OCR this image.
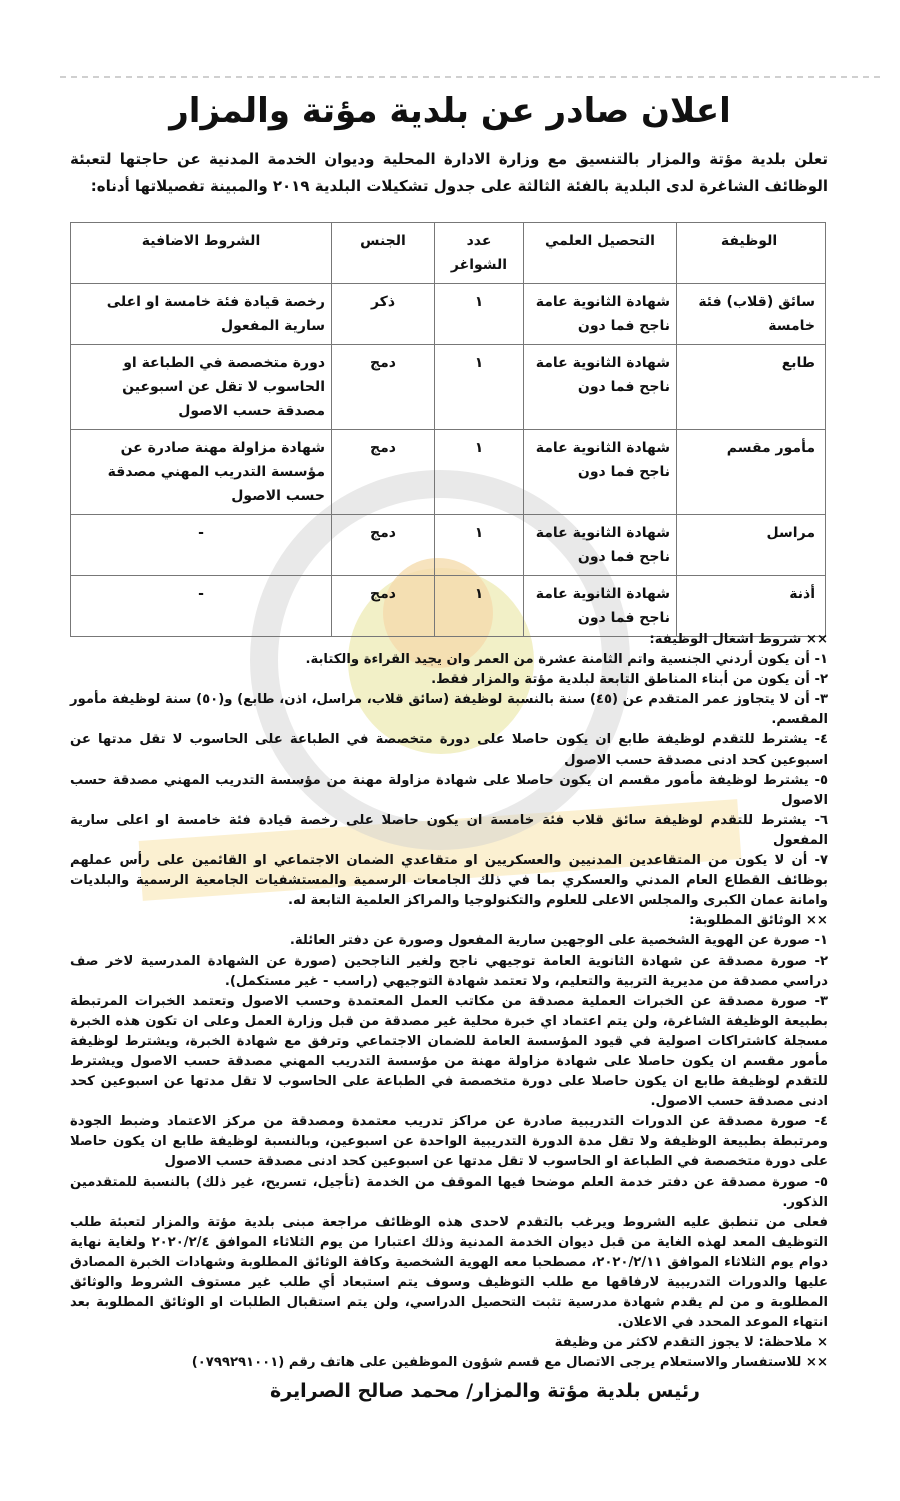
اعلان صادر عن بلدية مؤتة والمزار
تعلن بلدية مؤتة والمزار بالتنسيق مع وزارة الادارة المحلية وديوان الخدمة المدنية عن حاجتها لتعبئة الوظائف الشاغرة لدى البلدية بالفئة الثالثة على جدول تشكيلات البلدية ٢٠١٩ والمبينة تفصيلاتها أدناه:
الوظيفة	التحصيل العلمي	عدد الشواغر	الجنس	الشروط الاضافية
سائق (قلاب) فئة خامسة	شهادة الثانوية عامة ناجح فما دون	١	ذكر	رخصة قيادة فئة خامسة او اعلى سارية المفعول
طابع	شهادة الثانوية عامة ناجح فما دون	١	دمج	دورة متخصصة في الطباعة او الحاسوب لا تقل عن اسبوعين مصدقة حسب الاصول
مأمور مقسم	شهادة الثانوية عامة ناجح فما دون	١	دمج	شهادة مزاولة مهنة صادرة عن مؤسسة التدريب المهني مصدقة حسب الاصول
مراسل	شهادة الثانوية عامة ناجح فما دون	١	دمج	-
أذنة	شهادة الثانوية عامة ناجح فما دون	١	دمج	-

×× شروط اشغال الوظيفة:

١- أن يكون أردني الجنسية واتم الثامنة عشرة من العمر وان يجيد القراءة والكتابة.

٢- أن يكون من أبناء المناطق التابعة لبلدية مؤتة والمزار فقط.

٣- أن لا يتجاوز عمر المتقدم عن (٤٥) سنة بالنسبة لوظيفة (سائق قلاب، مراسل، اذن، طابع) و(٥٠) سنة لوظيفة مأمور المقسم.

٤- يشترط للتقدم لوظيفة طابع ان يكون حاصلا على دورة متخصصة في الطباعة على الحاسوب لا تقل مدتها عن اسبوعين كحد ادنى مصدقة حسب الاصول

٥- يشترط لوظيفة مأمور مقسم ان يكون حاصلا على شهادة مزاولة مهنة من مؤسسة التدريب المهني مصدقة حسب الاصول

٦- يشترط للتقدم لوظيفة سائق قلاب فئة خامسة ان يكون حاصلا على رخصة قيادة فئة خامسة او اعلى سارية المفعول

٧- أن لا يكون من المتقاعدين المدنيين والعسكريين او متقاعدي الضمان الاجتماعي او القائمين على رأس عملهم بوظائف القطاع العام المدني والعسكري بما في ذلك الجامعات الرسمية والمستشفيات الجامعية الرسمية والبلديات وامانة عمان الكبرى والمجلس الاعلى للعلوم والتكنولوجيا والمراكز العلمية التابعة له.

×× الوثائق المطلوبة:

١- صورة عن الهوية الشخصية على الوجهين سارية المفعول وصورة عن دفتر العائلة.

٢- صورة مصدقة عن شهادة الثانوية العامة توجيهي ناجح ولغير الناجحين (صورة عن الشهادة المدرسية لاخر صف دراسي مصدقة من مديرية التربية والتعليم، ولا تعتمد شهادة التوجيهي (راسب - غير مستكمل).

٣- صورة مصدقة عن الخبرات العملية مصدقة من مكاتب العمل المعتمدة وحسب الاصول وتعتمد الخبرات المرتبطة بطبيعة الوظيفة الشاغرة، ولن يتم اعتماد اي خبرة محلية غير مصدقة من قبل وزارة العمل وعلى ان تكون هذه الخبرة مسجلة كاشتراكات اصولية في قيود المؤسسة العامة للضمان الاجتماعي وترفق مع شهادة الخبرة، ويشترط لوظيفة مأمور مقسم ان يكون حاصلا على شهادة مزاولة مهنة من مؤسسة التدريب المهني مصدقة حسب الاصول ويشترط للتقدم لوظيفة طابع ان يكون حاصلا على دورة متخصصة في الطباعة على الحاسوب لا تقل مدتها عن اسبوعين كحد ادنى مصدقة حسب الاصول.

٤- صورة مصدقة عن الدورات التدريبية صادرة عن مراكز تدريب معتمدة ومصدقة من مركز الاعتماد وضبط الجودة ومرتبطة بطبيعة الوظيفة ولا تقل مدة الدورة التدريبية الواحدة عن اسبوعين، وبالنسبة لوظيفة طابع ان يكون حاصلا على دورة متخصصة في الطباعة او الحاسوب لا تقل مدتها عن اسبوعين كحد ادنى مصدقة حسب الاصول

٥- صورة مصدقة عن دفتر خدمة العلم موضحا فيها الموقف من الخدمة (تأجيل، تسريح، غير ذلك) بالنسبة للمتقدمين الذكور.

فعلى من تنطبق عليه الشروط ويرغب بالتقدم لاحدى هذه الوظائف مراجعة مبنى بلدية مؤتة والمزار لتعبئة طلب التوظيف المعد لهذه الغاية من قبل ديوان الخدمة المدنية وذلك اعتبارا من يوم الثلاثاء الموافق ٢٠٢٠/٢/٤ ولغاية نهاية دوام يوم الثلاثاء الموافق ٢٠٢٠/٢/١١، مصطحبا معه الهوية الشخصية وكافة الوثائق المطلوبة وشهادات الخبرة المصادق عليها والدورات التدريبية لارفاقها مع طلب التوظيف وسوف يتم استبعاد أي طلب غير مستوف الشروط والوثائق المطلوبة و من لم يقدم شهادة مدرسية تثبت التحصيل الدراسي، ولن يتم استقبال الطلبات او الوثائق المطلوبة بعد انتهاء الموعد المحدد في الاعلان.

× ملاحظة: لا يجوز التقدم لاكثر من وظيفة

×× للاستفسار والاستعلام يرجى الاتصال مع قسم شؤون الموظفين على هاتف رقم (٠٧٩٩٢٩١٠٠١)

رئيس بلدية مؤتة والمزار/ محمد صالح الصرايرة
